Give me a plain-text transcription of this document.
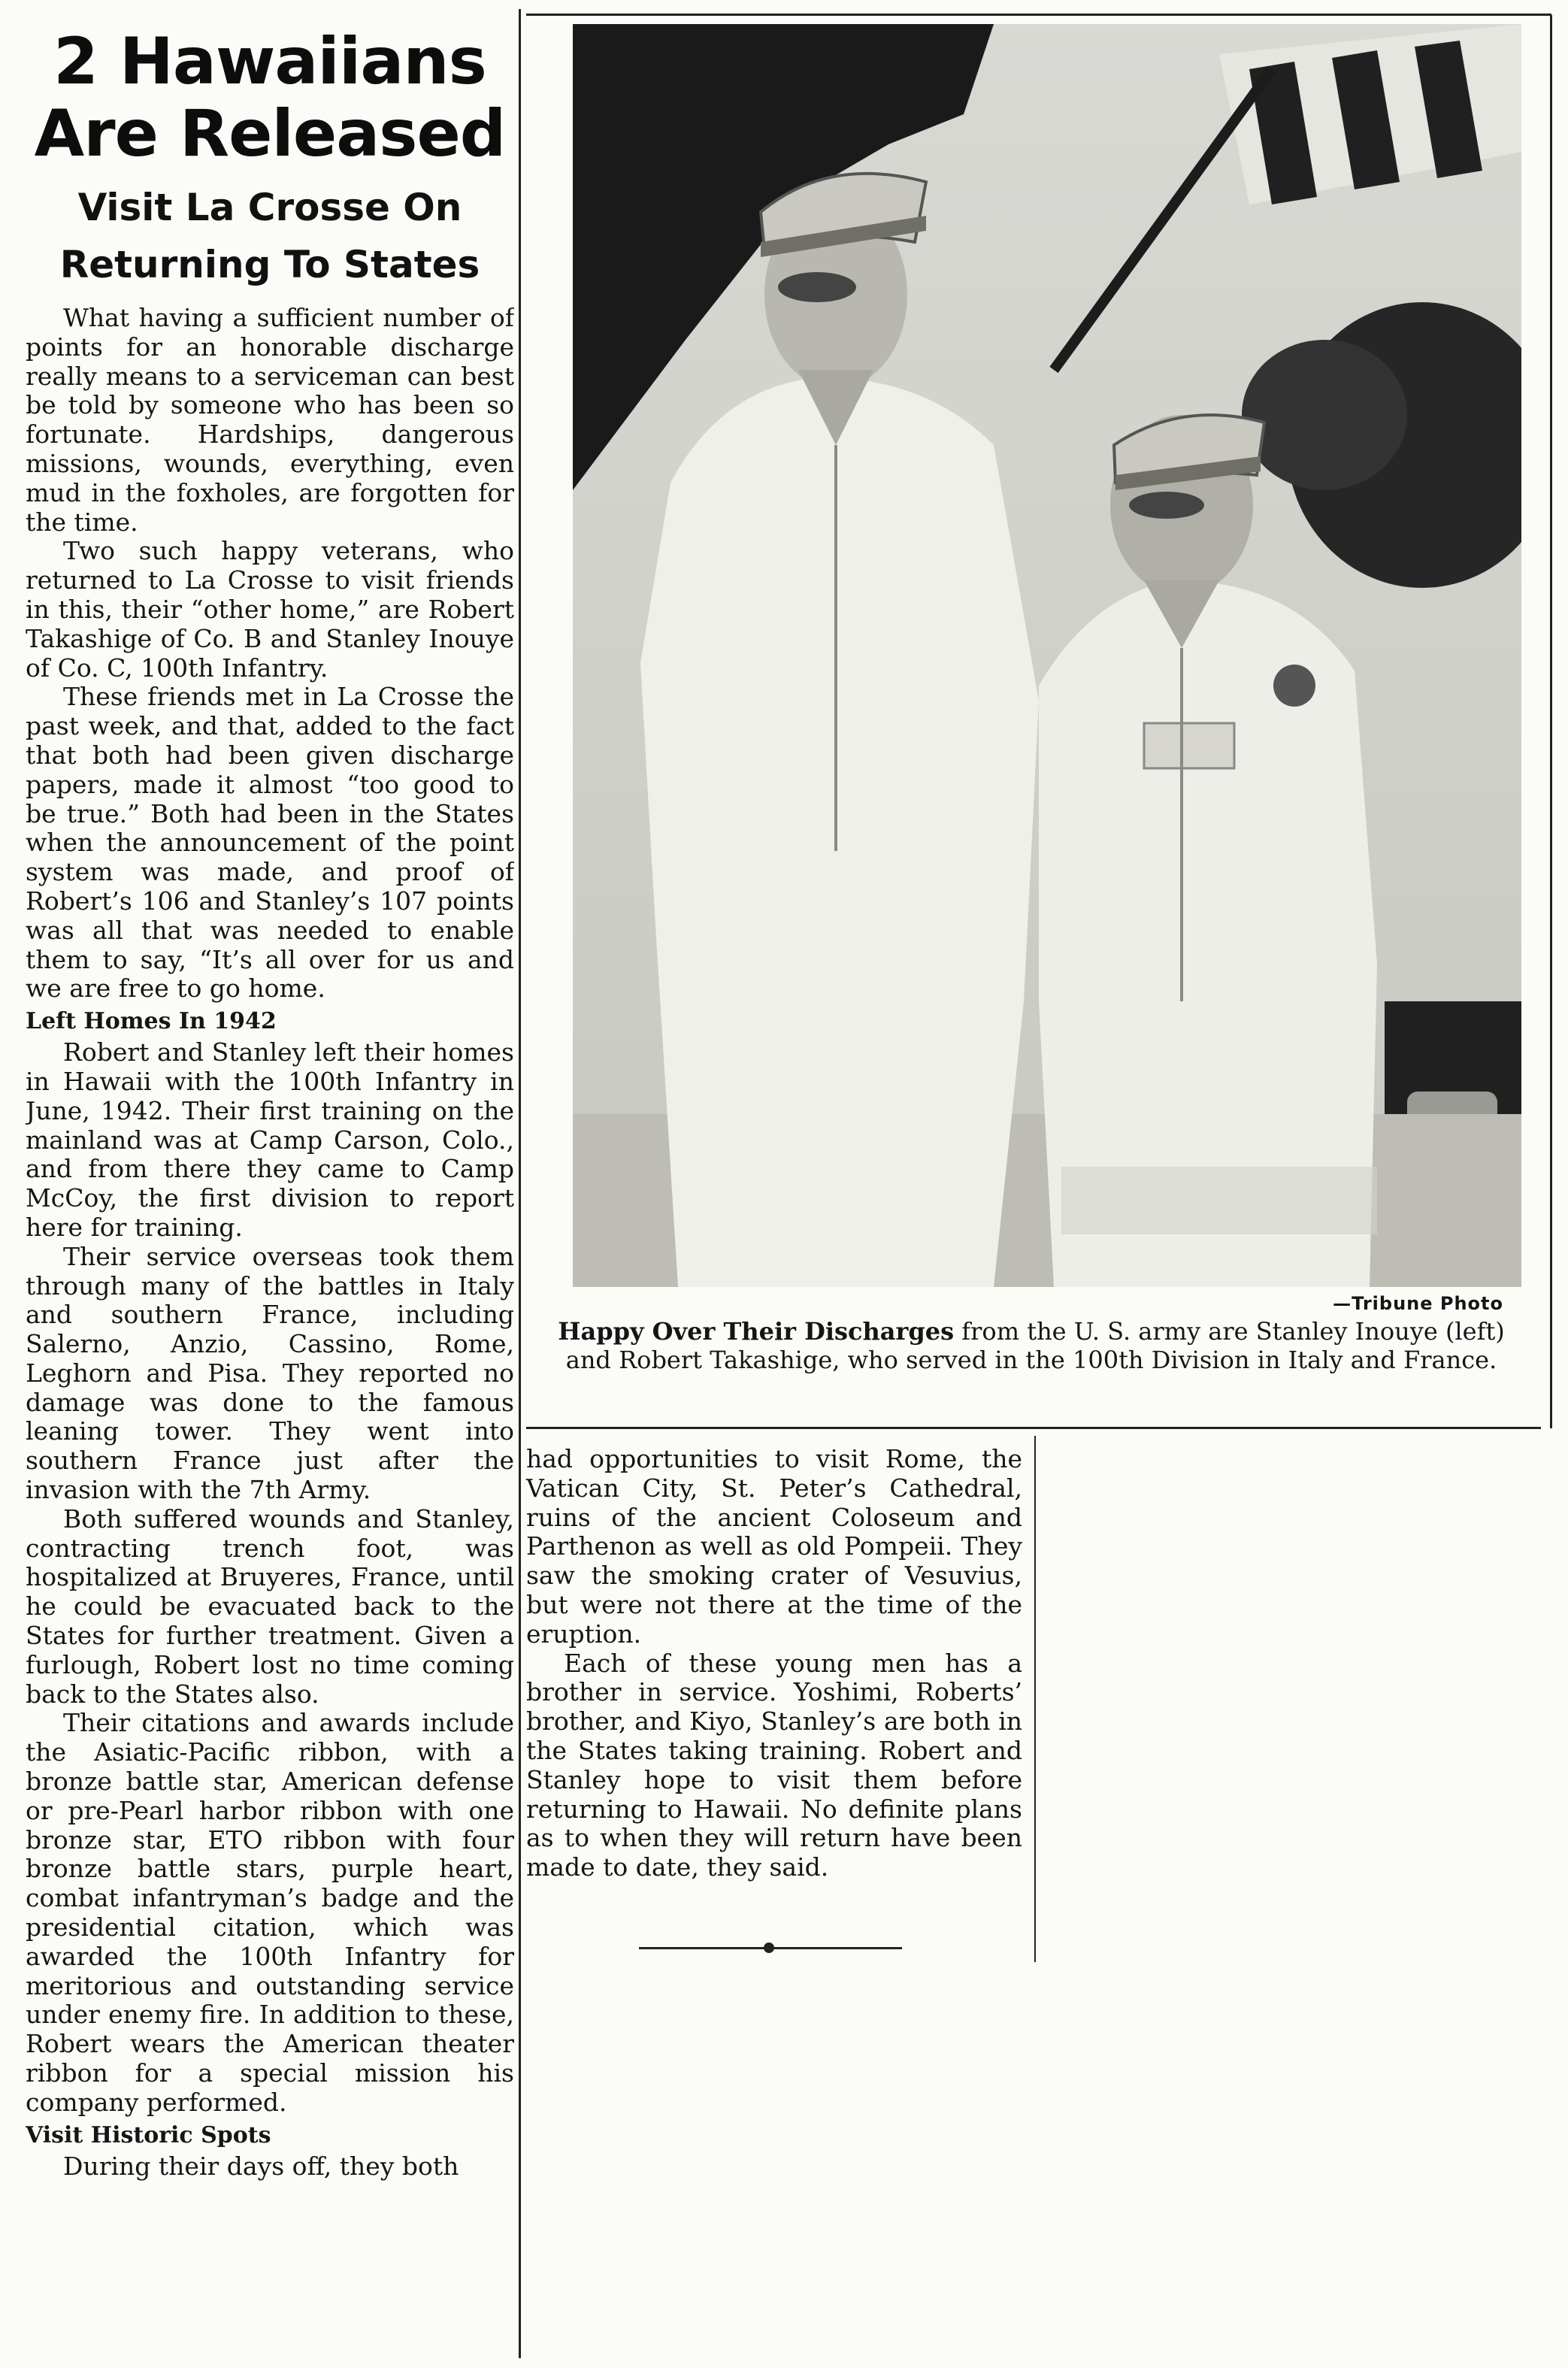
2 Hawaiians
Are Released
Visit La Crosse On
Returning To States

What having a sufficient number of points for an honorable discharge really means to a serviceman can best be told by someone who has been so fortunate. Hardships, dangerous missions, wounds, everything, even mud in the foxholes, are forgotten for the time.

Two such happy veterans, who returned to La Crosse to visit friends in this, their “other home,” are Robert Takashige of Co. B and Stanley Inouye of Co. C, 100th Infantry.

These friends met in La Crosse the past week, and that, added to the fact that both had been given discharge papers, made it almost “too good to be true.” Both had been in the States when the announcement of the point system was made, and proof of Robert’s 106 and Stanley’s 107 points was all that was needed to enable them to say, “It’s all over for us and we are free to go home.

Left Homes In 1942

Robert and Stanley left their homes in Hawaii with the 100th Infantry in June, 1942. Their first training on the mainland was at Camp Carson, Colo., and from there they came to Camp McCoy, the first division to report here for training.

Their service overseas took them through many of the battles in Italy and southern France, including Salerno, Anzio, Cassino, Rome, Leghorn and Pisa. They reported no damage was done to the famous leaning tower. They went into southern France just after the invasion with the 7th Army.

Both suffered wounds and Stanley, contracting trench foot, was hospitalized at Bruyeres, France, until he could be evacuated back to the States for further treatment. Given a furlough, Robert lost no time coming back to the States also.

Their citations and awards include the Asiatic-Pacific ribbon, with a bronze battle star, American defense or pre-Pearl harbor ribbon with one bronze star, ETO ribbon with four bronze battle stars, purple heart, combat infantryman’s badge and the presidential citation, which was awarded the 100th Infantry for meritorious and outstanding service under enemy fire. In addition to these, Robert wears the American theater ribbon for a special mission his company performed.

Visit Historic Spots

During their days off, they both

—Tribune Photo
Happy Over Their Discharges from the U. S. army are Stanley Inouye (left) and Robert Takashige, who served in the 100th Division in Italy and France.

had opportunities to visit Rome, the Vatican City, St. Peter’s Cathedral, ruins of the ancient Coloseum and Parthenon as well as old Pompeii. They saw the smoking crater of Vesuvius, but were not there at the time of the eruption.

Each of these young men has a brother in service. Yoshimi, Roberts’ brother, and Kiyo, Stanley’s are both in the States taking training. Robert and Stanley hope to visit them before returning to Hawaii. No definite plans as to when they will return have been made to date, they said.
